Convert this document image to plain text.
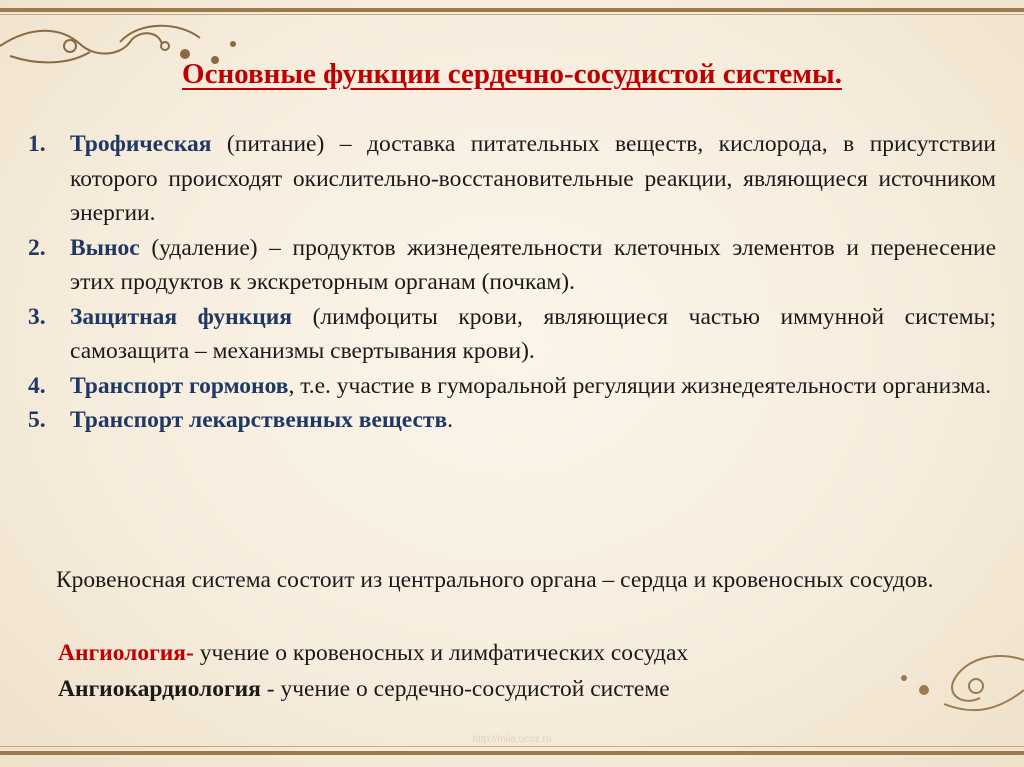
Основные функции сердечно-сосудистой системы.
1. Трофическая (питание) – доставка питательных веществ, кислорода, в присутствии которого происходят окислительно-восстановительные реакции, являющиеся источником энергии.
2. Вынос (удаление) – продуктов жизнедеятельности клеточных элементов и перенесение этих продуктов к экскреторным органам (почкам).
3. Защитная функция (лимфоциты крови, являющиеся частью иммунной системы; самозащита – механизмы свертывания крови).
4. Транспорт гормонов, т.е. участие в гуморальной регуляции жизнедеятельности организма.
5. Транспорт лекарственных веществ.

Кровеносная система состоит из центрального органа – сердца и кровеносных сосудов.

Ангиология- учение о кровеносных и лимфатических сосудах

Ангиокардиология - учение о сердечно-сосудистой системе

http://mila.ucoz.ru
